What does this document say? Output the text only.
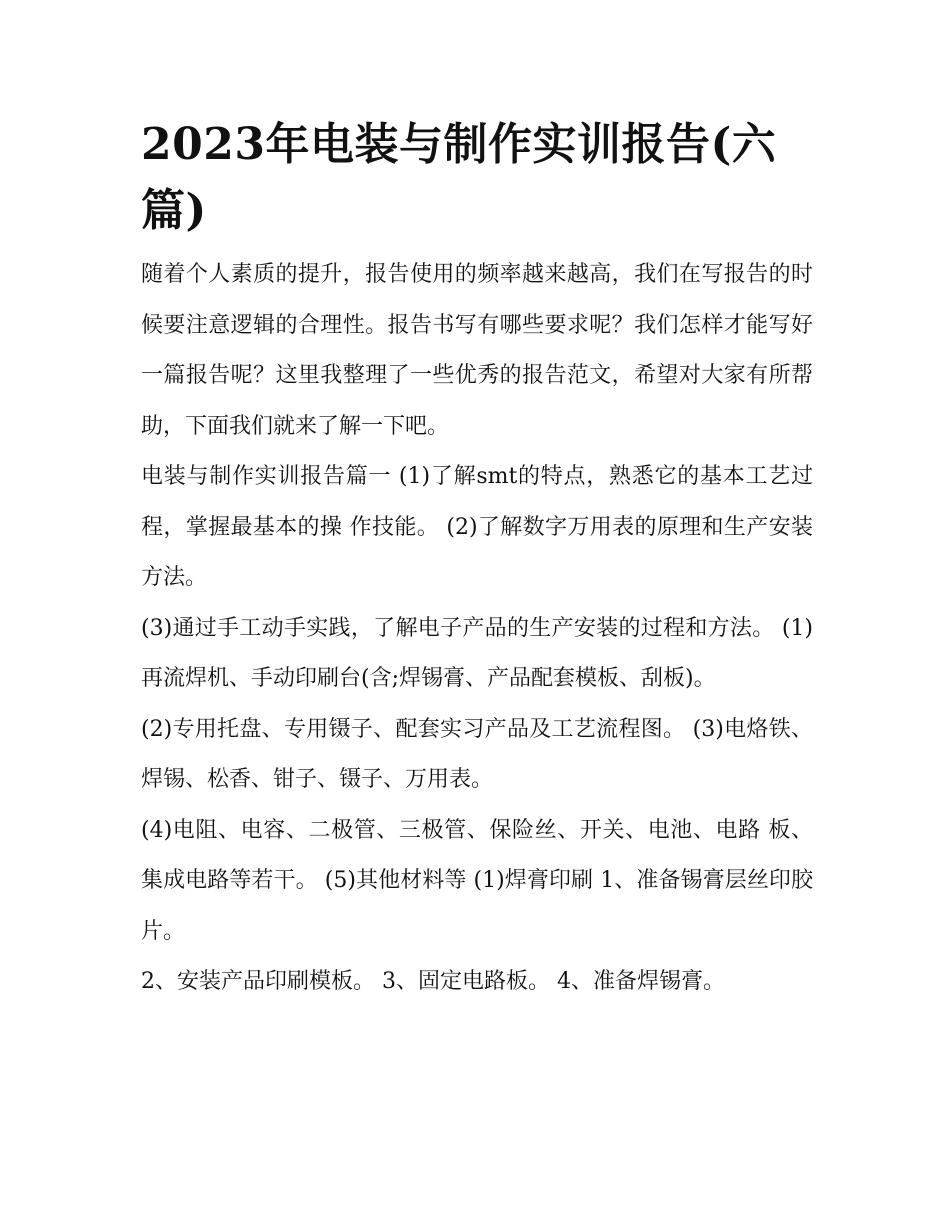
2023年电装与制作实训报告(六篇)

随着个人素质的提升，报告使用的频率越来越高，我们在写报告的时候要注意逻辑的合理性。报告书写有哪些要求呢？我们怎样才能写好一篇报告呢？这里我整理了一些优秀的报告范文，希望对大家有所帮助，下面我们就来了解一下吧。

电装与制作实训报告篇一 (1)了解smt的特点，熟悉它的基本工艺过程，掌握最基本的操 作技能。 (2)了解数字万用表的原理和生产安装方法。

(3)通过手工动手实践，了解电子产品的生产安装的过程和方法。 (1)再流焊机、手动印刷台(含;焊锡膏、产品配套模板、刮板)。

(2)专用托盘、专用镊子、配套实习产品及工艺流程图。 (3)电烙铁、焊锡、松香、钳子、镊子、万用表。

(4)电阻、电容、二极管、三极管、保险丝、开关、电池、电路 板、集成电路等若干。 (5)其他材料等 (1)焊膏印刷 1、准备锡膏层丝印胶片。

2、安装产品印刷模板。 3、固定电路板。 4、准备焊锡膏。
